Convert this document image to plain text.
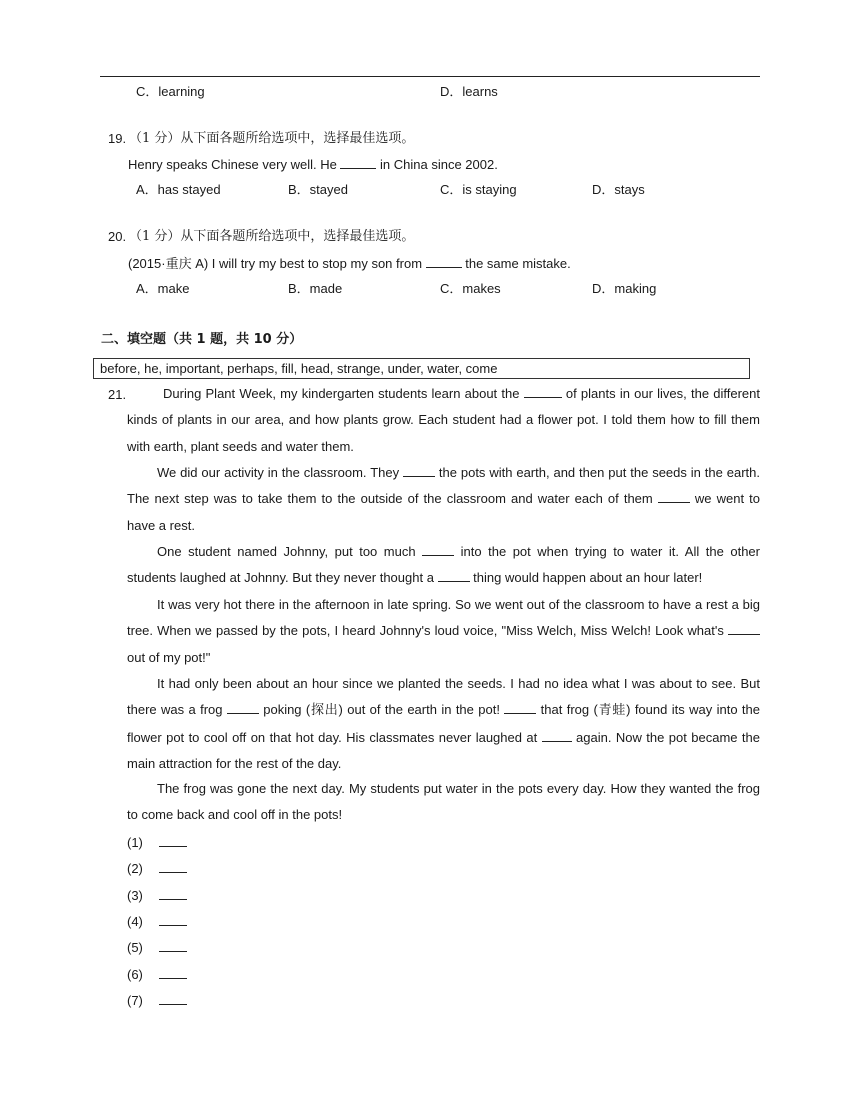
C．learning	D．learns
19. （1 分）从下面各题所给选项中，选择最佳选项。
Henry speaks Chinese very well. He	in China since 2002.
A．has stayed	B．stayed	C．is staying	D．stays
20. （1 分）从下面各题所给选项中，选择最佳选项。
(2015·重庆 A) I will try my best to stop my son from	the same mistake.
A．make	B．made	C．makes	D．making
二、填空题（共 1 题，共 10 分）
before, he, important, perhaps, fill, head, strange, under, water, come
21.	During Plant Week, my kindergarten students learn about the	of plants in our lives, the different kinds of plants in our area, and how plants grow. Each student had a flower pot. I told them how to fill them with earth, plant seeds and water them.
We did our activity in the classroom. They  the pots with earth, and then put the seeds in the earth. The next step was to take them to the outside of the classroom and water each of them  we went to have a rest.
One student named Johnny, put too much  into the pot when trying to water it. All the other students laughed at Johnny. But they never thought a  thing would happen about an hour later!
It was very hot there in the afternoon in late spring. So we went out of the classroom to have a rest a big tree. When we passed by the pots, I heard Johnny's loud voice, "Miss Welch, Miss Welch! Look what's  out of my pot!"
It had only been about an hour since we planted the seeds. I had no idea what I was about to see. But there was a frog  poking (探出) out of the earth in the pot!  that frog (青蛙) found its way into the flower pot to cool off on that hot day. His classmates never laughed at  again. Now the pot became the main attraction for the rest of the day.
The frog was gone the next day. My students put water in the pots every day. How they wanted the frog to come back and cool off in the pots!
(1)
(2)
(3)
(4)
(5)
(6)
(7)
